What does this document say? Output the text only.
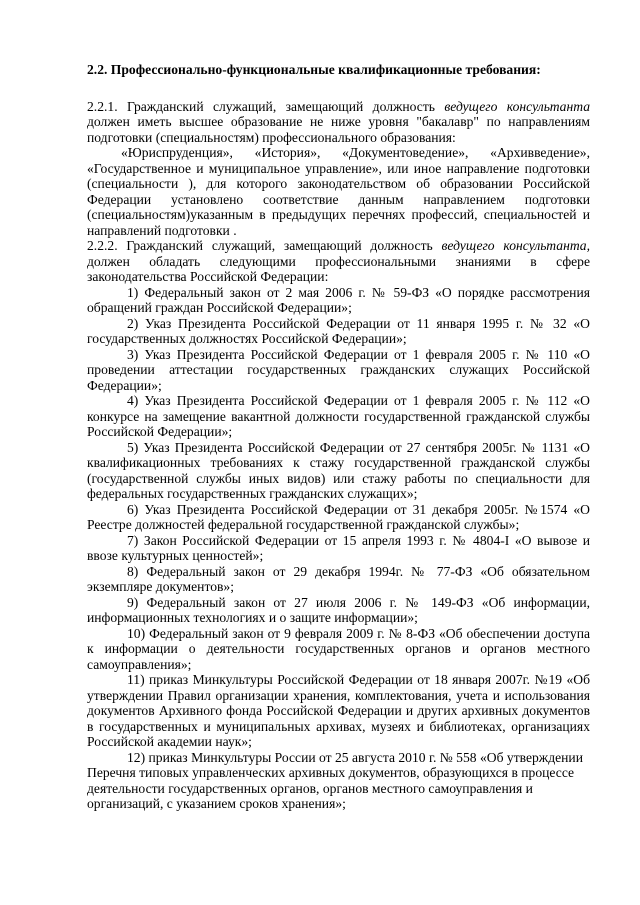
2.2. Профессионально-функциональные квалификационные требования:

2.2.1. Гражданский служащий, замещающий должность ведущего консультанта должен иметь высшее образование не ниже уровня "бакалавр" по направлениям подготовки (специальностям) профессионального образования:

«Юриспруденция», «История», «Документоведение», «Архивведение», «Государственное и муниципальное управление», или иное направление подготовки (специальности ), для которого законодательством об образовании Российской Федерации установлено соответствие данным направлением подготовки (специальностям)указанным в предыдущих перечнях профессий, специальностей и направлений подготовки .

2.2.2. Гражданский служащий, замещающий должность ведущего консультанта, должен обладать следующими профессиональными знаниями в сфере законодательства Российской Федерации:

1) Федеральный закон от 2 мая 2006 г. № 59-ФЗ «О порядке рассмотрения обращений граждан Российской Федерации»;

2) Указ Президента Российской Федерации от 11 января 1995 г. № 32 «О государственных должностях Российской Федерации»;

3) Указ Президента Российской Федерации от 1 февраля 2005 г. № 110 «О проведении аттестации государственных гражданских служащих Российской Федерации»;

4) Указ Президента Российской Федерации от 1 февраля 2005 г. № 112 «О конкурсе на замещение вакантной должности государственной гражданской службы Российской Федерации»;

5) Указ Президента Российской Федерации от 27 сентября 2005г. № 1131 «О квалификационных требованиях к стажу государственной гражданской службы (государственной службы иных видов) или стажу работы по специальности для федеральных государственных гражданских служащих»;

6) Указ Президента Российской Федерации от 31 декабря 2005г. №1574 «О Реестре должностей федеральной государственной гражданской службы»;

7) Закон Российской Федерации от 15 апреля 1993 г. № 4804-I «О вывозе и ввозе культурных ценностей»;

8) Федеральный закон от 29 декабря 1994г. № 77-ФЗ «Об обязательном экземпляре документов»;

9) Федеральный закон от 27 июля 2006 г. № 149-ФЗ «Об информации, информационных технологиях и о защите информации»;

10) Федеральный закон от 9 февраля 2009 г. № 8-ФЗ «Об обеспечении доступа к информации о деятельности государственных органов и органов местного самоуправления»;

11) приказ Минкультуры Российской Федерации от 18 января 2007г. №19 «Об утверждении Правил организации хранения, комплектования, учета и использования документов Архивного фонда Российской Федерации и других архивных документов в государственных и муниципальных архивах, музеях и библиотеках, организациях Российской академии наук»;

12) приказ Минкультуры России от 25 августа 2010 г. № 558 «Об утверждении Перечня типовых управленческих архивных документов, образующихся в процессе деятельности государственных органов, органов местного самоуправления и организаций, с указанием сроков хранения»;
